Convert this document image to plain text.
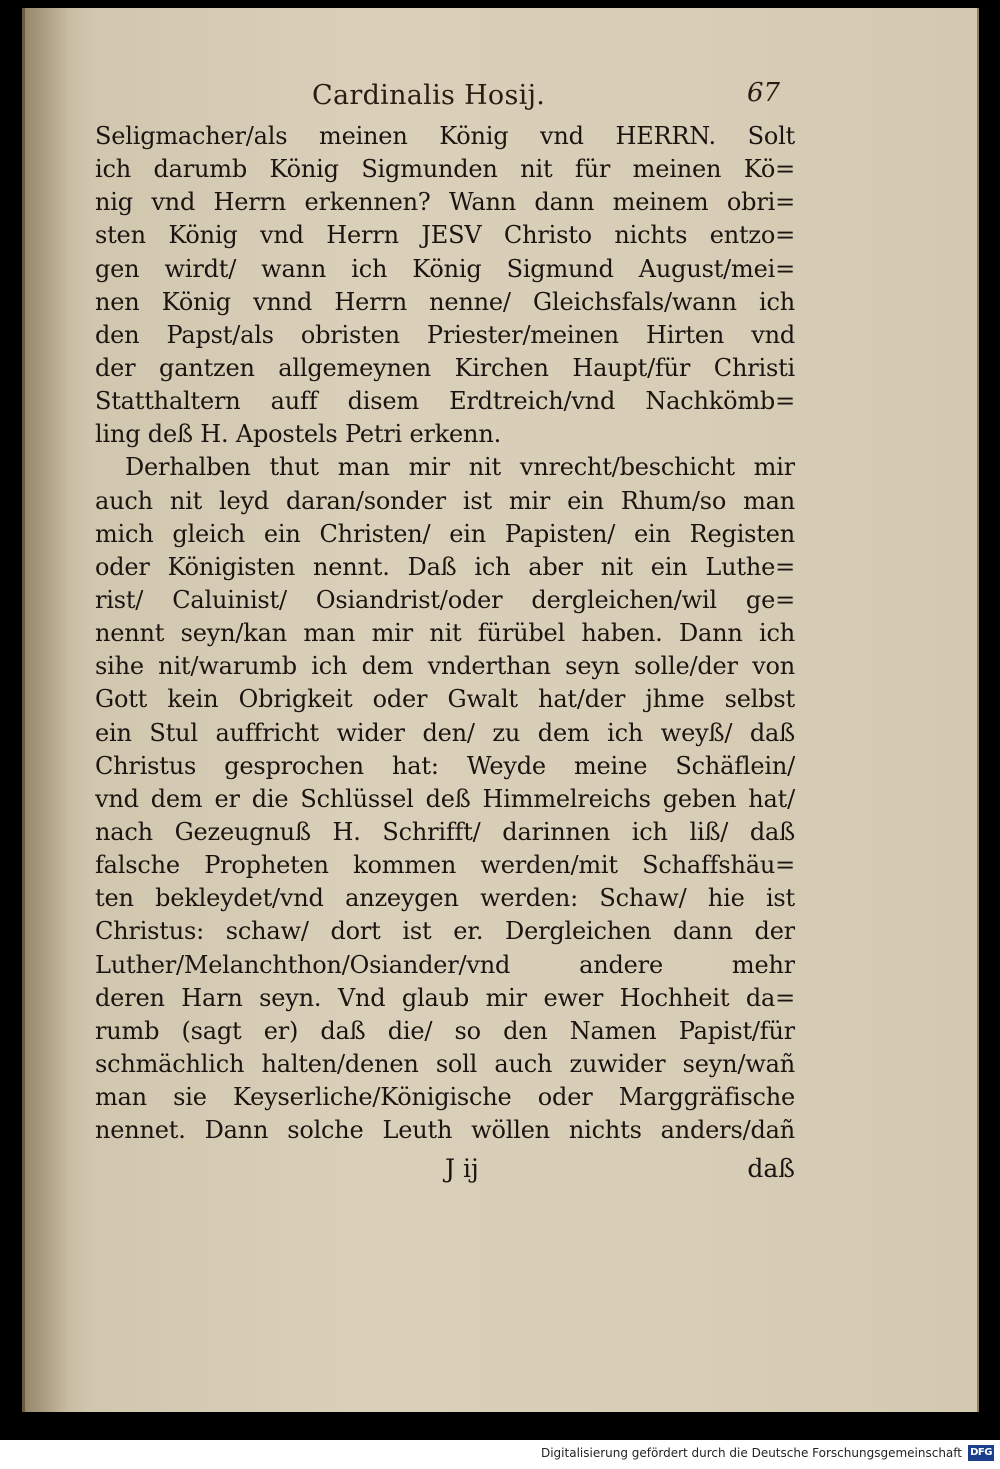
Cardinalis Hosij.	67
Seligmacher/als meinen König vnd HERRN. Solt
ich darumb König Sigmunden nit für meinen Kö=
nig vnd Herrn erkennen? Wann dann meinem obri=
sten König vnd Herrn JESV Christo nichts entzo=
gen wirdt/ wann ich König Sigmund August/mei=
nen König vnnd Herrn nenne/ Gleichsfals/wann ich
den Papst/als obristen Priester/meinen Hirten vnd
der gantzen allgemeynen Kirchen Haupt/für Christi
Statthaltern auff disem Erdtreich/vnd Nachkömb=
ling deß H. Apostels Petri erkenn.
Derhalben thut man mir nit vnrecht/beschicht mir
auch nit leyd daran/sonder ist mir ein Rhum/so man
mich gleich ein Christen/ ein Papisten/ ein Registen
oder Königisten nennt. Daß ich aber nit ein Luthe=
rist/ Caluinist/ Osiandrist/oder dergleichen/wil ge=
nennt seyn/kan man mir nit fürübel haben. Dann ich
sihe nit/warumb ich dem vnderthan seyn solle/der von
Gott kein Obrigkeit oder Gwalt hat/der jhme selbst
ein Stul auffricht wider den/ zu dem ich weyß/ daß
Christus gesprochen hat: Weyde meine Schäflein/
vnd dem er die Schlüssel deß Himmelreichs geben hat/
nach Gezeugnuß H. Schrifft/ darinnen ich liß/ daß
falsche Propheten kommen werden/mit Schaffshäu=
ten bekleydet/vnd anzeygen werden: Schaw/ hie ist
Christus: schaw/ dort ist er. Dergleichen dann der
Luther/Melanchthon/Osiander/vnd andere mehr
deren Harn seyn. Vnd glaub mir ewer Hochheit da=
rumb (sagt er) daß die/ so den Namen Papist/für
schmächlich halten/denen soll auch zuwider seyn/wañ
man sie Keyserliche/Königische oder Marggräfische
nennet. Dann solche Leuth wöllen nichts anders/dañ
J ij	daß
Digitalisierung gefördert durch die Deutsche Forschungsgemeinschaft DFG
